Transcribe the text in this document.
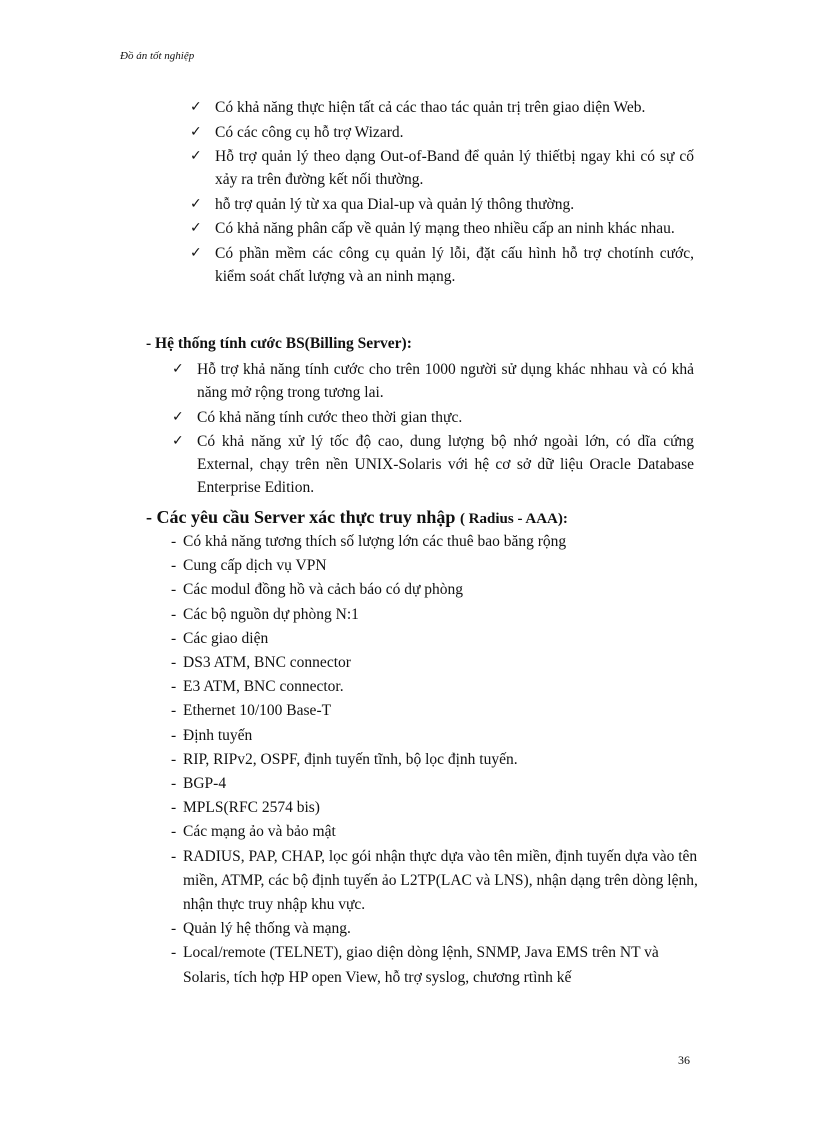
Đồ án tốt nghiệp
✓ Có khả năng thực hiện tất cả các thao tác quản trị trên giao diện Web.
✓ Có các công cụ hỗ trợ Wizard.
✓ Hỗ trợ quản lý theo dạng Out-of-Band để quản lý thiếtbị ngay khi có sự cố xảy ra trên đường kết nối thường.
✓ hỗ trợ quản lý từ xa qua Dial-up và quản lý thông thường.
✓ Có khả năng phân cấp về quản lý mạng theo nhiều cấp an ninh khác nhau.
✓ Có phần mềm các công cụ quản lý lỗi, đặt cấu hình hỗ trợ chotính cước, kiểm soát chất lượng và an ninh mạng.
- Hệ thống tính cước BS(Billing Server):
✓ Hỗ trợ khả năng tính cước cho trên 1000 người sử dụng khác nhhau và có khả năng mở rộng trong tương lai.
✓ Có khả năng tính cước theo thời gian thực.
✓ Có khả năng xử lý tốc độ cao, dung lượng bộ nhớ ngoài lớn, có dĩa cứng External, chạy trên nền UNIX-Solaris với hệ cơ sở dữ liệu Oracle Database Enterprise Edition.
- Các yêu cầu Server xác thực truy nhập ( Radius - AAA):
- Có khả năng tương thích số lượng lớn các thuê bao băng rộng
- Cung cấp dịch vụ VPN
- Các modul đồng hồ và cảch báo có dự phòng
- Các bộ nguồn dự phòng N:1
- Các giao diện
- DS3 ATM, BNC connector
- E3 ATM, BNC connector.
- Ethernet 10/100 Base-T
- Định tuyến
- RIP, RIPv2, OSPF, định tuyến tĩnh, bộ lọc định tuyến.
- BGP-4
- MPLS(RFC 2574 bis)
- Các mạng ảo và bảo mật
- RADIUS, PAP, CHAP, lọc gói nhận thực dựa vào tên miền, định tuyến dựa vào tên miền, ATMP, các bộ định tuyến ảo L2TP(LAC và LNS), nhận dạng trên dòng lệnh, nhận thực truy nhập khu vực.
- Quản lý hệ thống và mạng.
- Local/remote (TELNET), giao diện dòng lệnh, SNMP, Java EMS trên NT và Solaris, tích hợp HP open View, hỗ trợ syslog, chương rtình kế
36
